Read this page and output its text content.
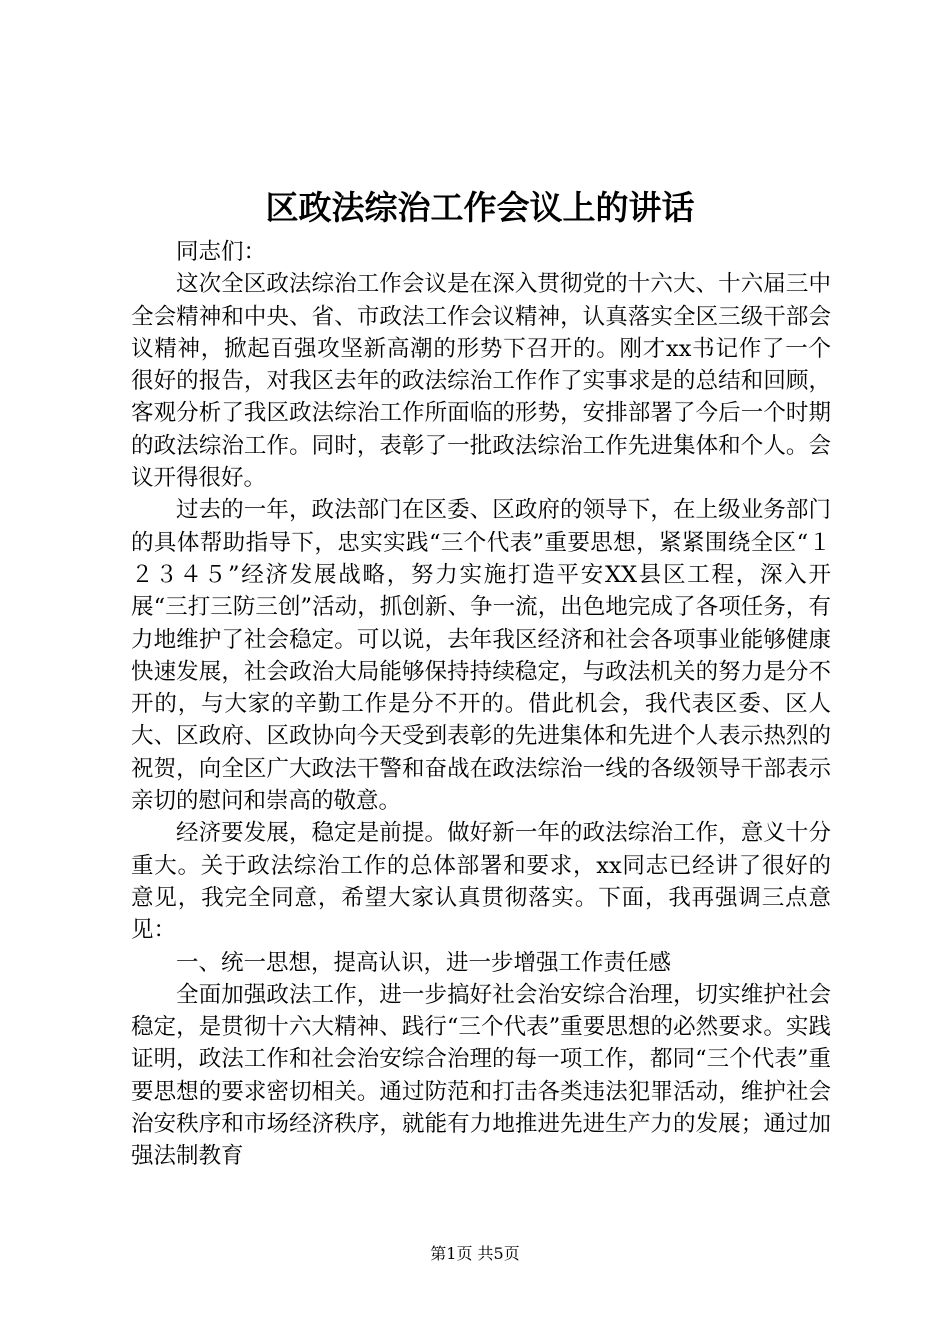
区政法综治工作会议上的讲话

同志们：

这次全区政法综治工作会议是在深入贯彻党的十六大、十六届三中全会精神和中央、省、市政法工作会议精神，认真落实全区三级干部会议精神，掀起百强攻坚新高潮的形势下召开的。刚才xx书记作了一个很好的报告，对我区去年的政法综治工作作了实事求是的总结和回顾，客观分析了我区政法综治工作所面临的形势，安排部署了今后一个时期的政法综治工作。同时，表彰了一批政法综治工作先进集体和个人。会议开得很好。

过去的一年，政法部门在区委、区政府的领导下，在上级业务部门的具体帮助指导下，忠实实践“三个代表”重要思想，紧紧围绕全区“１２３４５”经济发展战略，努力实施打造平安XX县区工程，深入开展“三打三防三创”活动，抓创新、争一流，出色地完成了各项任务，有力地维护了社会稳定。可以说，去年我区经济和社会各项事业能够健康快速发展，社会政治大局能够保持持续稳定，与政法机关的努力是分不开的，与大家的辛勤工作是分不开的。借此机会，我代表区委、区人大、区政府、区政协向今天受到表彰的先进集体和先进个人表示热烈的祝贺，向全区广大政法干警和奋战在政法综治一线的各级领导干部表示亲切的慰问和崇高的敬意。

经济要发展，稳定是前提。做好新一年的政法综治工作，意义十分重大。关于政法综治工作的总体部署和要求，xx同志已经讲了很好的意见，我完全同意，希望大家认真贯彻落实。下面，我再强调三点意见：

一、统一思想，提高认识，进一步增强工作责任感

全面加强政法工作，进一步搞好社会治安综合治理，切实维护社会稳定，是贯彻十六大精神、践行“三个代表”重要思想的必然要求。实践证明，政法工作和社会治安综合治理的每一项工作，都同“三个代表”重要思想的要求密切相关。通过防范和打击各类违法犯罪活动，维护社会治安秩序和市场经济秩序，就能有力地推进先进生产力的发展；通过加强法制教育

第1页 共5页
